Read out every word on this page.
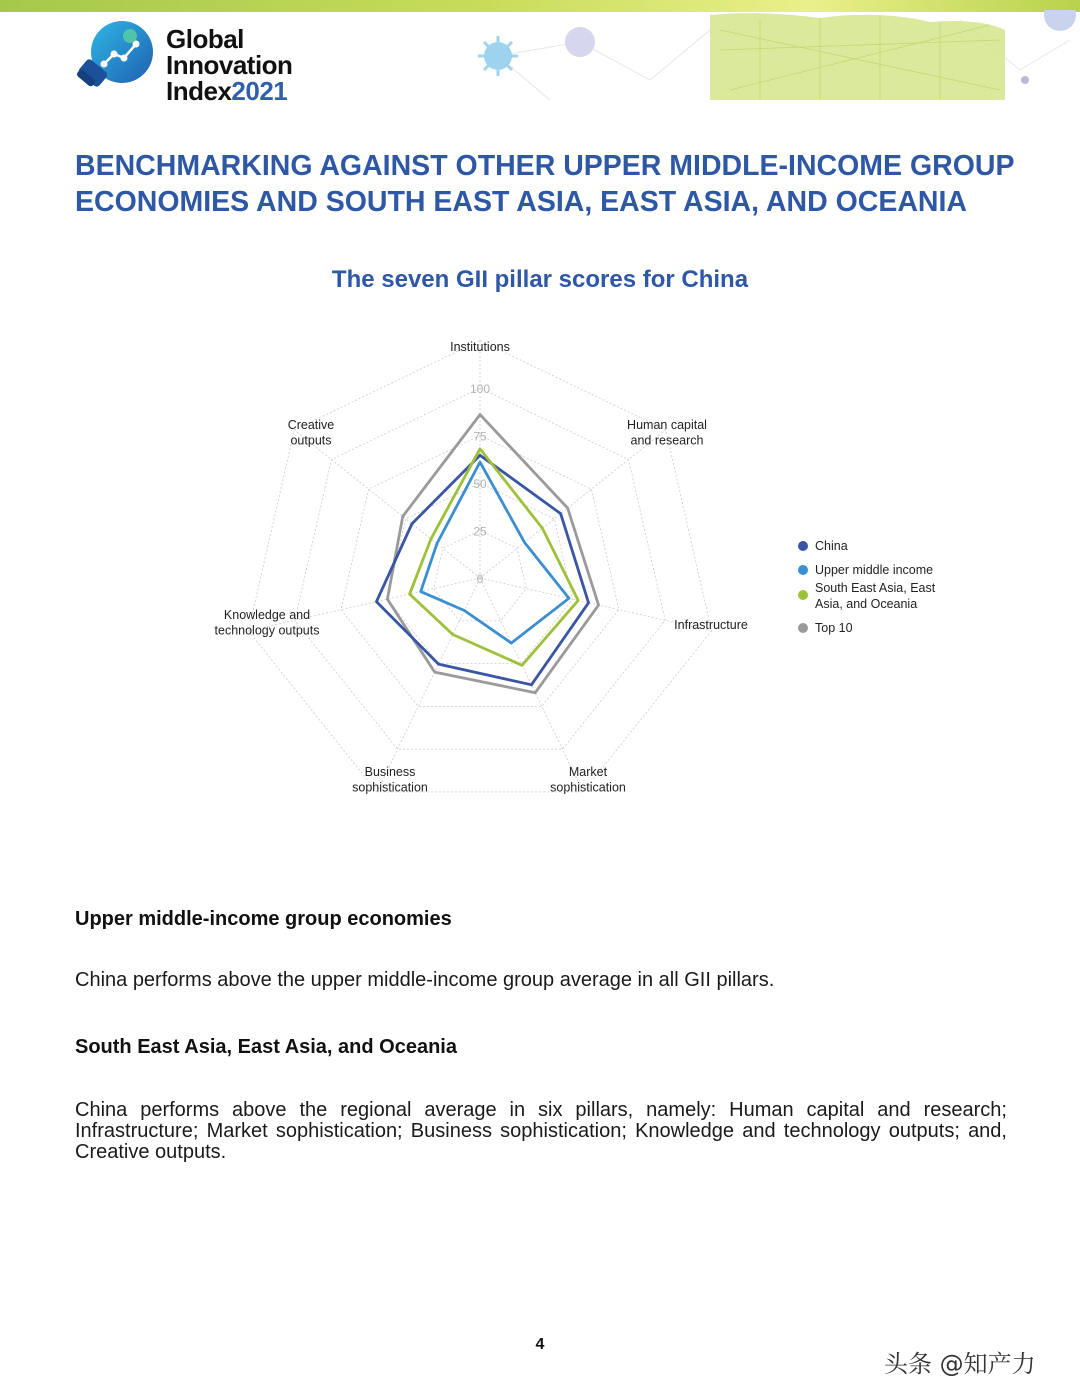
Global
Innovation
Index2021
BENCHMARKING AGAINST OTHER UPPER MIDDLE-INCOME GROUP ECONOMIES AND SOUTH EAST ASIA, EAST ASIA, AND OCEANIA
The seven GII pillar scores for China
0
25
50
75
100
Institutions
Human capital and research
Infrastructure
Market sophistication
Business sophistication
Knowledge and technology outputs
Creative outputs
China
Upper middle income
South East Asia, East Asia, and Oceania
Top 10
Upper middle-income group economies

China performs above the upper middle-income group average in all GII pillars.

South East Asia, East Asia, and Oceania

China performs above the regional average in six pillars, namely: Human capital and research; Infrastructure; Market sophistication; Business sophistication; Knowledge and technology outputs; and, Creative outputs.

4
头条 @知产力
